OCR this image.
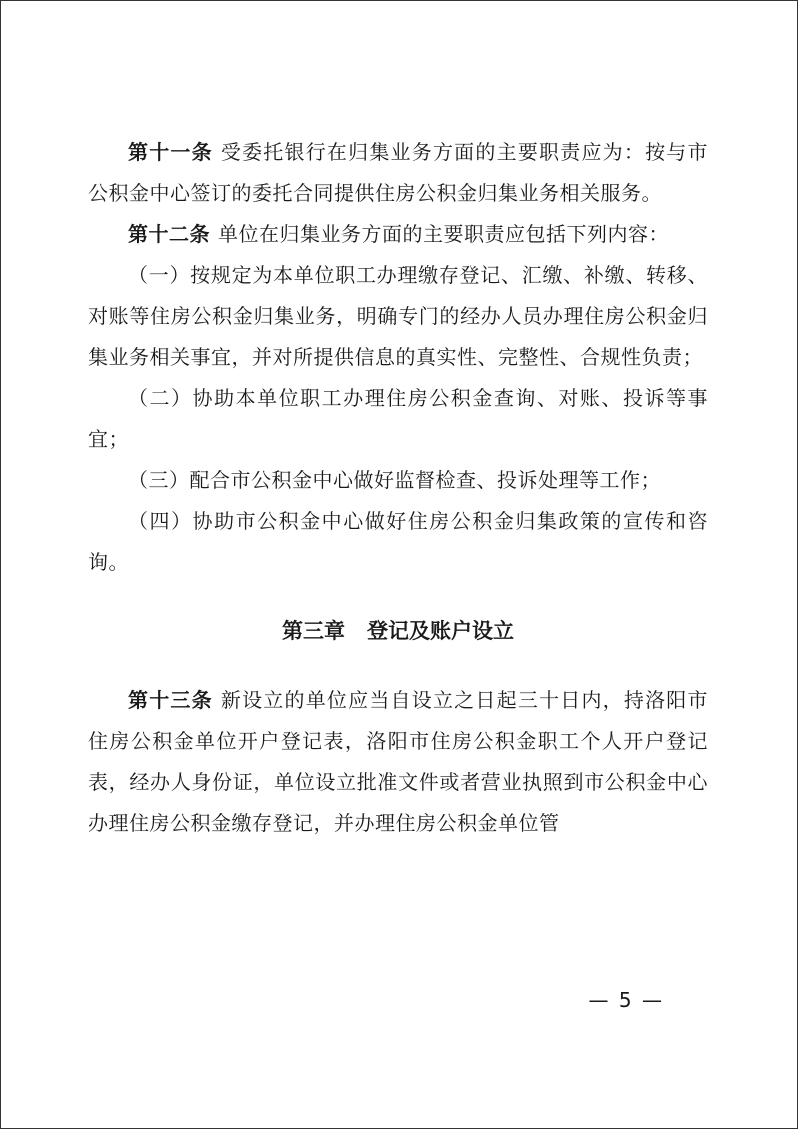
第十一条 受委托银行在归集业务方面的主要职责应为：按与市公积金中心签订的委托合同提供住房公积金归集业务相关服务。

第十二条 单位在归集业务方面的主要职责应包括下列内容：

（一）按规定为本单位职工办理缴存登记、汇缴、补缴、转移、对账等住房公积金归集业务，明确专门的经办人员办理住房公积金归集业务相关事宜，并对所提供信息的真实性、完整性、合规性负责；

（二）协助本单位职工办理住房公积金查询、对账、投诉等事宜；

（三）配合市公积金中心做好监督检查、投诉处理等工作；

（四）协助市公积金中心做好住房公积金归集政策的宣传和咨询。

第三章 登记及账户设立

第十三条 新设立的单位应当自设立之日起三十日内，持洛阳市住房公积金单位开户登记表，洛阳市住房公积金职工个人开户登记表，经办人身份证，单位设立批准文件或者营业执照到市公积金中心办理住房公积金缴存登记，并办理住房公积金单位管

— 5 —
